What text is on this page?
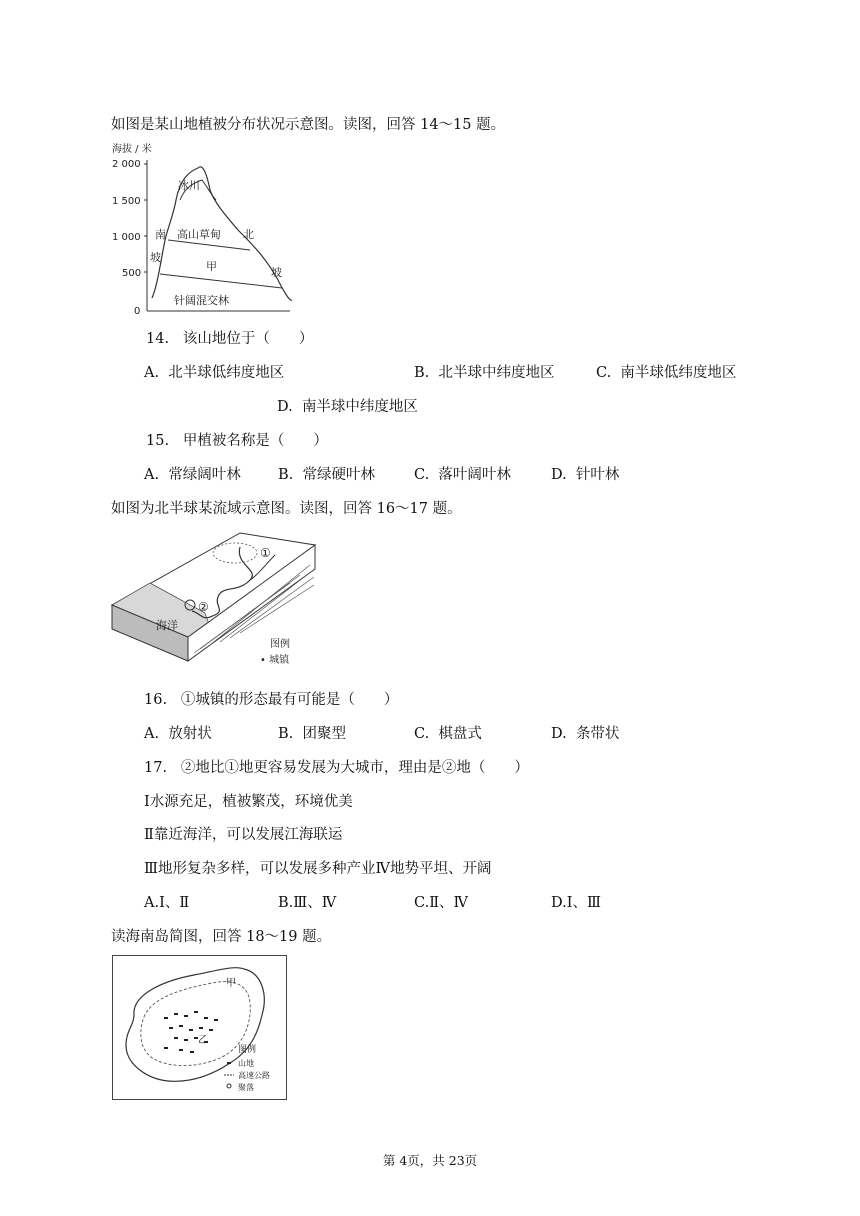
如图是某山地植被分布状况示意图。读图，回答 14～15 题。
海拔 / 米
2 000
1 500
1 000
500
0
冰川
高山草甸
南
坡
北
坡
甲
针阔混交林
14. 该山地位于（　　）
A. 北半球低纬度地区	B. 北半球中纬度地区	C. 南半球低纬度地区
D. 南半球中纬度地区
15. 甲植被名称是（　　）
A. 常绿阔叶林	B. 常绿硬叶林	C. 落叶阔叶林	D. 针叶林
如图为北半球某流域示意图。读图，回答 16～17 题。
①
②
海洋
图例
• 城镇
16. ①城镇的形态最有可能是（　　）
A. 放射状	B. 团聚型	C. 棋盘式	D. 条带状
17. ②地比①地更容易发展为大城市，理由是②地（　　）
Ⅰ水源充足，植被繁茂，环境优美
Ⅱ靠近海洋，可以发展江海联运
Ⅲ地形复杂多样，可以发展多种产业Ⅳ地势平坦、开阔
A.Ⅰ、Ⅱ	B.Ⅲ、Ⅳ	C.Ⅱ、Ⅳ	D.Ⅰ、Ⅲ
读海南岛简图，回答 18～19 题。
甲
乙
图例
山地
高速公路
聚落
第 4页，共 23页
